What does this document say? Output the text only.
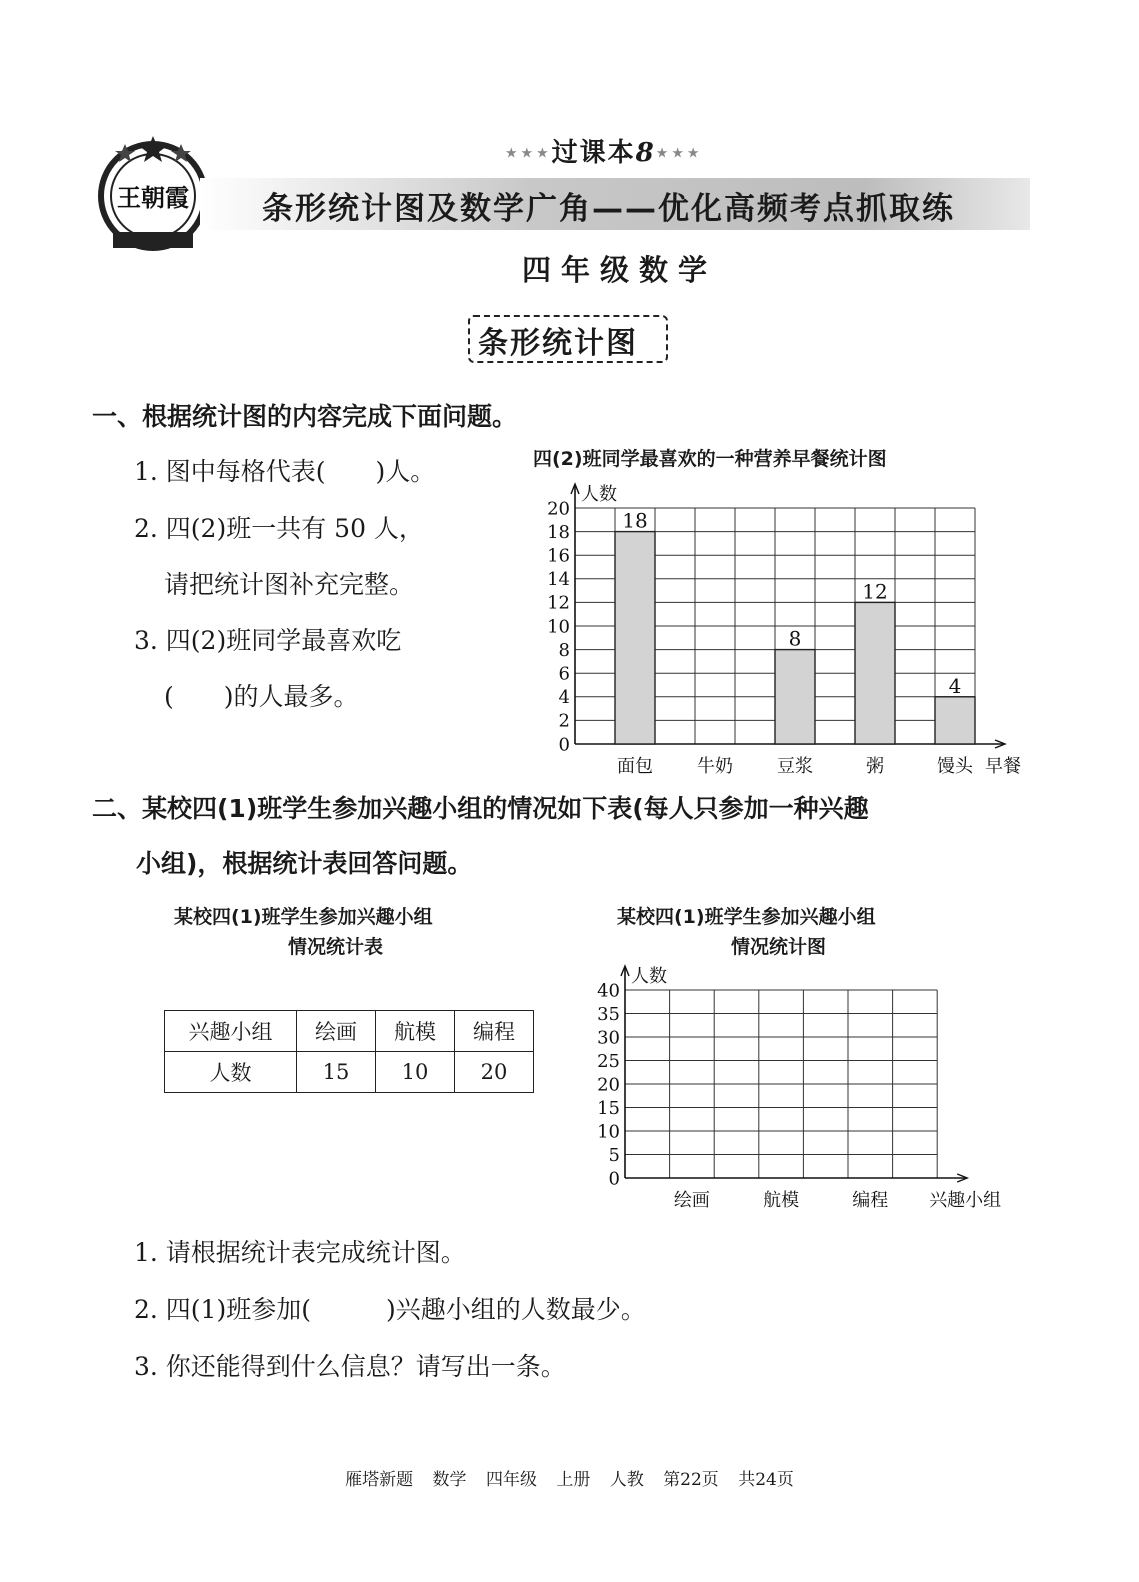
王朝霞
★★★过课本8★★★
条形统计图及数学广角——优化高频考点抓取练
四年级数学
条形统计图
一、根据统计图的内容完成下面问题。
1. 图中每格代表(　　)人。
2. 四(2)班一共有 50 人，
请把统计图补充完整。
3. 四(2)班同学最喜欢吃
(　　)的人最多。
四(2)班同学最喜欢的一种营养早餐统计图
人数
0
2
4
6
8
10
12
14
16
18
20
面包
18
牛奶 豆浆
8
粥
12
馒头
4
早餐
二、某校四(1)班学生参加兴趣小组的情况如下表(每人只参加一种兴趣
小组)，根据统计表回答问题。
某校四(1)班学生参加兴趣小组
情况统计表
兴趣小组	绘画	航模	编程
人数	15	10	20
某校四(1)班学生参加兴趣小组
情况统计图
人数
0
5
10
15
20
25
30
35
40
绘画	航模	编程 兴趣小组
1. 请根据统计表完成统计图。
2. 四(1)班参加(　　　)兴趣小组的人数最少。
3. 你还能得到什么信息？请写出一条。
雁塔新题 数学 四年级 上册 人教 第22页 共24页
